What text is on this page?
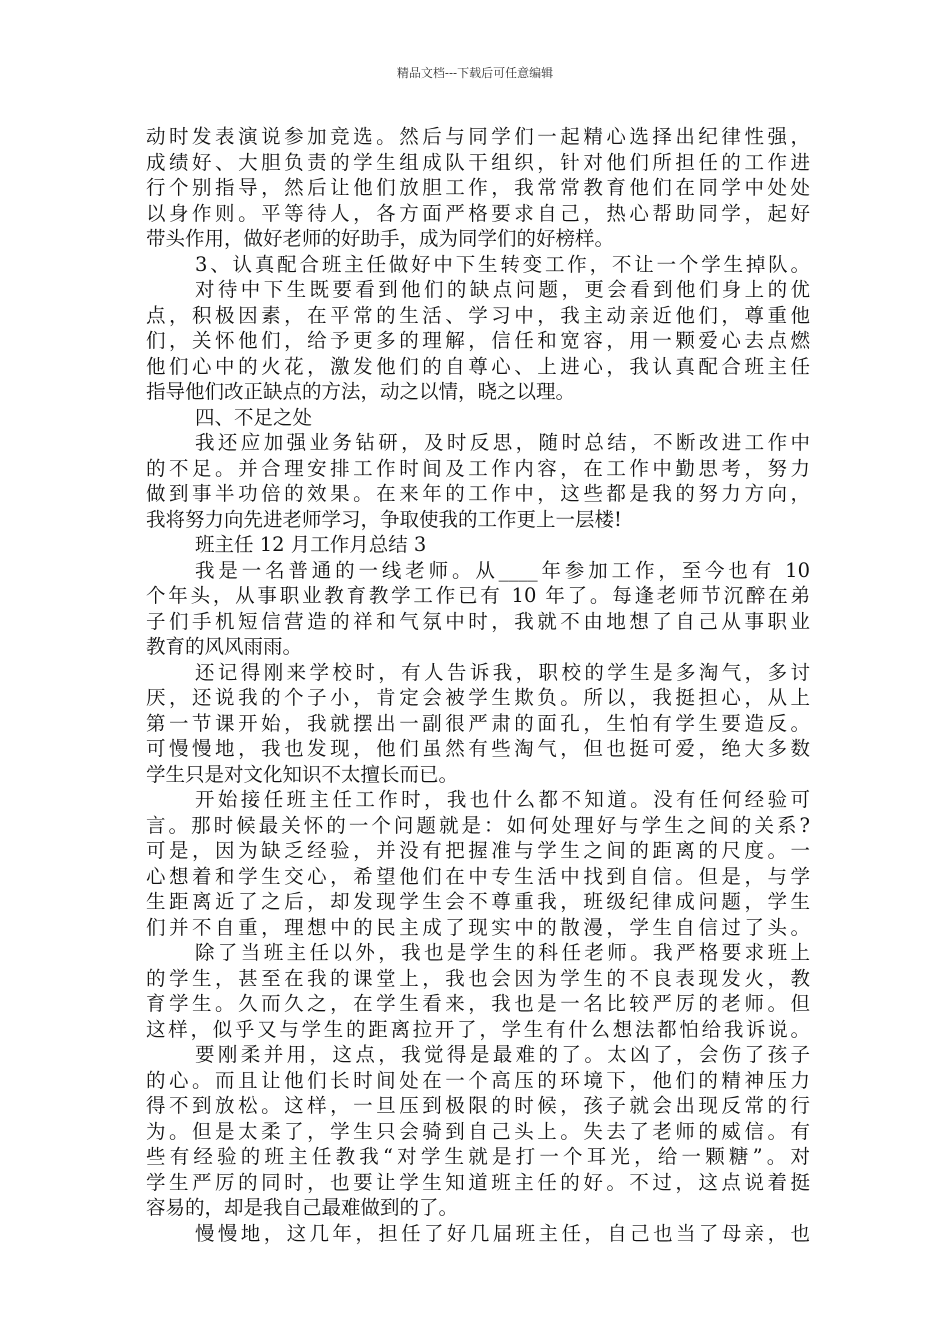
精品文档---下载后可任意编辑
动时发表演说参加竞选。然后与同学们一起精心选择出纪律性强，
成绩好、大胆负责的学生组成队干组织，针对他们所担任的工作进
行个别指导，然后让他们放胆工作，我常常教育他们在同学中处处
以身作则。平等待人，各方面严格要求自己，热心帮助同学，起好
带头作用，做好老师的好助手，成为同学们的好榜样。
3、认真配合班主任做好中下生转变工作，不让一个学生掉队。
对待中下生既要看到他们的缺点问题，更会看到他们身上的优
点，积极因素，在平常的生活、学习中，我主动亲近他们，尊重他
们，关怀他们，给予更多的理解，信任和宽容，用一颗爱心去点燃
他们心中的火花，激发他们的自尊心、上进心，我认真配合班主任
指导他们改正缺点的方法，动之以情，晓之以理。
四、不足之处
我还应加强业务钻研，及时反思，随时总结，不断改进工作中
的不足。并合理安排工作时间及工作内容，在工作中勤思考，努力
做到事半功倍的效果。在来年的工作中，这些都是我的努力方向，
我将努力向先进老师学习，争取使我的工作更上一层楼!
班主任 12 月工作月总结 3
我是一名普通的一线老师。从____年参加工作，至今也有 10
个年头，从事职业教育教学工作已有 10 年了。每逢老师节沉醉在弟
子们手机短信营造的祥和气氛中时，我就不由地想了自己从事职业
教育的风风雨雨。
还记得刚来学校时，有人告诉我，职校的学生是多淘气，多讨
厌，还说我的个子小，肯定会被学生欺负。所以，我挺担心，从上
第一节课开始，我就摆出一副很严肃的面孔，生怕有学生要造反。
可慢慢地，我也发现，他们虽然有些淘气，但也挺可爱，绝大多数
学生只是对文化知识不太擅长而已。
开始接任班主任工作时，我也什么都不知道。没有任何经验可
言。那时候最关怀的一个问题就是：如何处理好与学生之间的关系?
可是，因为缺乏经验，并没有把握准与学生之间的距离的尺度。一
心想着和学生交心，希望他们在中专生活中找到自信。但是，与学
生距离近了之后，却发现学生会不尊重我，班级纪律成问题，学生
们并不自重，理想中的民主成了现实中的散漫，学生自信过了头。
除了当班主任以外，我也是学生的科任老师。我严格要求班上
的学生，甚至在我的课堂上，我也会因为学生的不良表现发火，教
育学生。久而久之，在学生看来，我也是一名比较严厉的老师。但
这样，似乎又与学生的距离拉开了，学生有什么想法都怕给我诉说。
要刚柔并用，这点，我觉得是最难的了。太凶了，会伤了孩子
的心。而且让他们长时间处在一个高压的环境下，他们的精神压力
得不到放松。这样，一旦压到极限的时候，孩子就会出现反常的行
为。但是太柔了，学生只会骑到自己头上。失去了老师的威信。有
些有经验的班主任教我“对学生就是打一个耳光，给一颗糖”。对
学生严厉的同时，也要让学生知道班主任的好。不过，这点说着挺
容易的，却是我自己最难做到的了。
慢慢地，这几年，担任了好几届班主任，自己也当了母亲，也
